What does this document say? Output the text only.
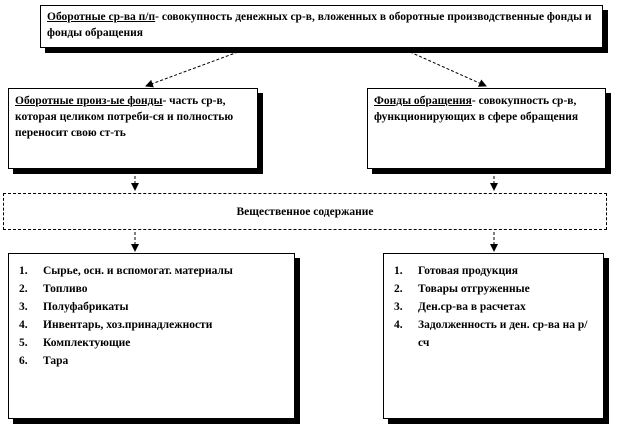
Оборотные ср-ва п/п- совокупность денежных ср-в, вложенных в оборотные производственные фонды и фонды обращения
Оборотные произ-ые фонды- часть ср-в, которая целиком потреби-ся и полностью переносит свою ст-ть
Фонды обращения- совокупность ср-в, функционирующих в сфере обращения
Вещественное содержание
1. Сырье, осн. и вспомогат. материалы
2. Топливо
3. Полуфабрикаты
4. Инвентарь, хоз.принадлежности
5. Комплектующие
6. Тара
1. Готовая продукция
2. Товары отгруженные
3. Ден.ср-ва в расчетах
4. Задолженность и ден. ср-ва на р/сч
